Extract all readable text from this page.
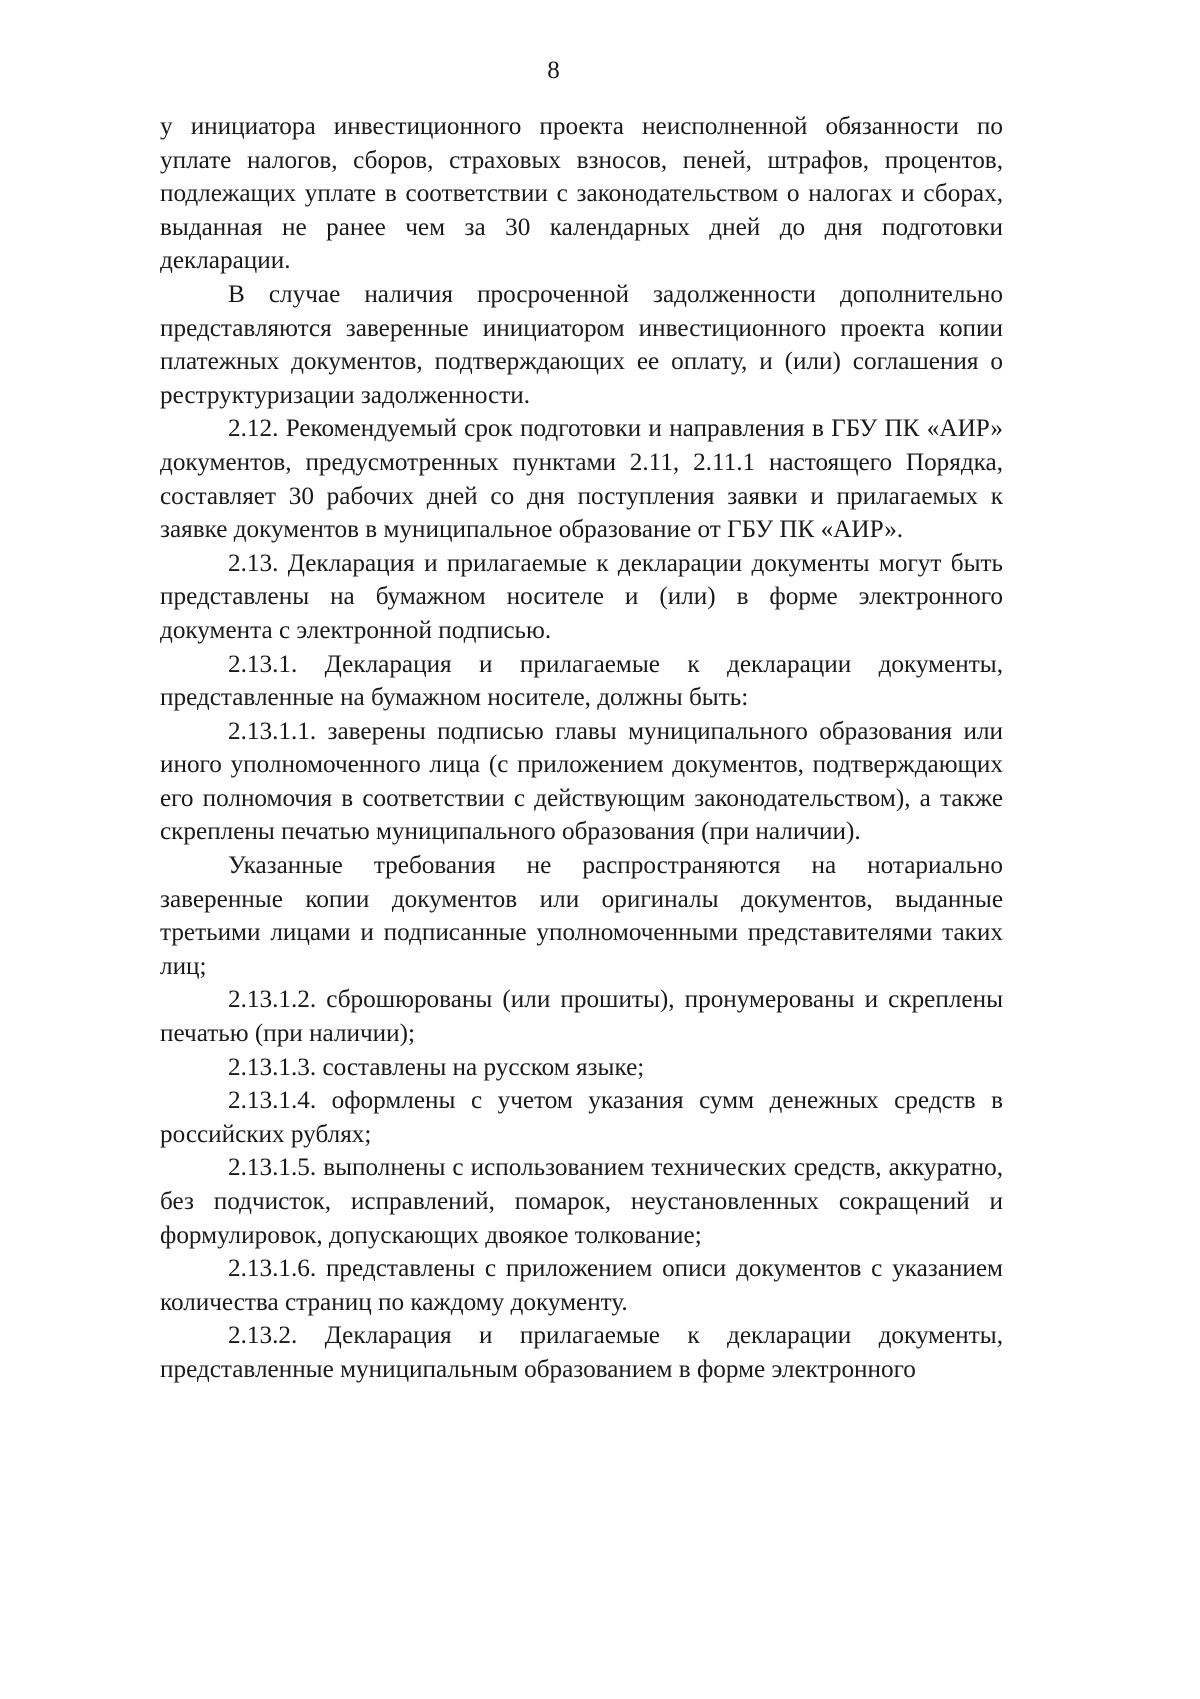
8

у инициатора инвестиционного проекта неисполненной обязанности по уплате налогов, сборов, страховых взносов, пеней, штрафов, процентов, подлежащих уплате в соответствии с законодательством о налогах и сборах, выданная не ранее чем за 30 календарных дней до дня подготовки декларации.

В случае наличия просроченной задолженности дополнительно представляются заверенные инициатором инвестиционного проекта копии платежных документов, подтверждающих ее оплату, и (или) соглашения о реструктуризации задолженности.

2.12. Рекомендуемый срок подготовки и направления в ГБУ ПК «АИР» документов, предусмотренных пунктами 2.11, 2.11.1 настоящего Порядка, составляет 30 рабочих дней со дня поступления заявки и прилагаемых к заявке документов в муниципальное образование от ГБУ ПК «АИР».

2.13. Декларация и прилагаемые к декларации документы могут быть представлены на бумажном носителе и (или) в форме электронного документа с электронной подписью.

2.13.1. Декларация и прилагаемые к декларации документы, представленные на бумажном носителе, должны быть:

2.13.1.1. заверены подписью главы муниципального образования или иного уполномоченного лица (с приложением документов, подтверждающих его полномочия в соответствии с действующим законодательством), а также скреплены печатью муниципального образования (при наличии).

Указанные требования не распространяются на нотариально заверенные копии документов или оригиналы документов, выданные третьими лицами и подписанные уполномоченными представителями таких лиц;

2.13.1.2. сброшюрованы (или прошиты), пронумерованы и скреплены печатью (при наличии);

2.13.1.3. составлены на русском языке;

2.13.1.4. оформлены с учетом указания сумм денежных средств в российских рублях;

2.13.1.5. выполнены с использованием технических средств, аккуратно, без подчисток, исправлений, помарок, неустановленных сокращений и формулировок, допускающих двоякое толкование;

2.13.1.6. представлены с приложением описи документов с указанием количества страниц по каждому документу.

2.13.2. Декларация и прилагаемые к декларации документы, представленные муниципальным образованием в форме электронного
